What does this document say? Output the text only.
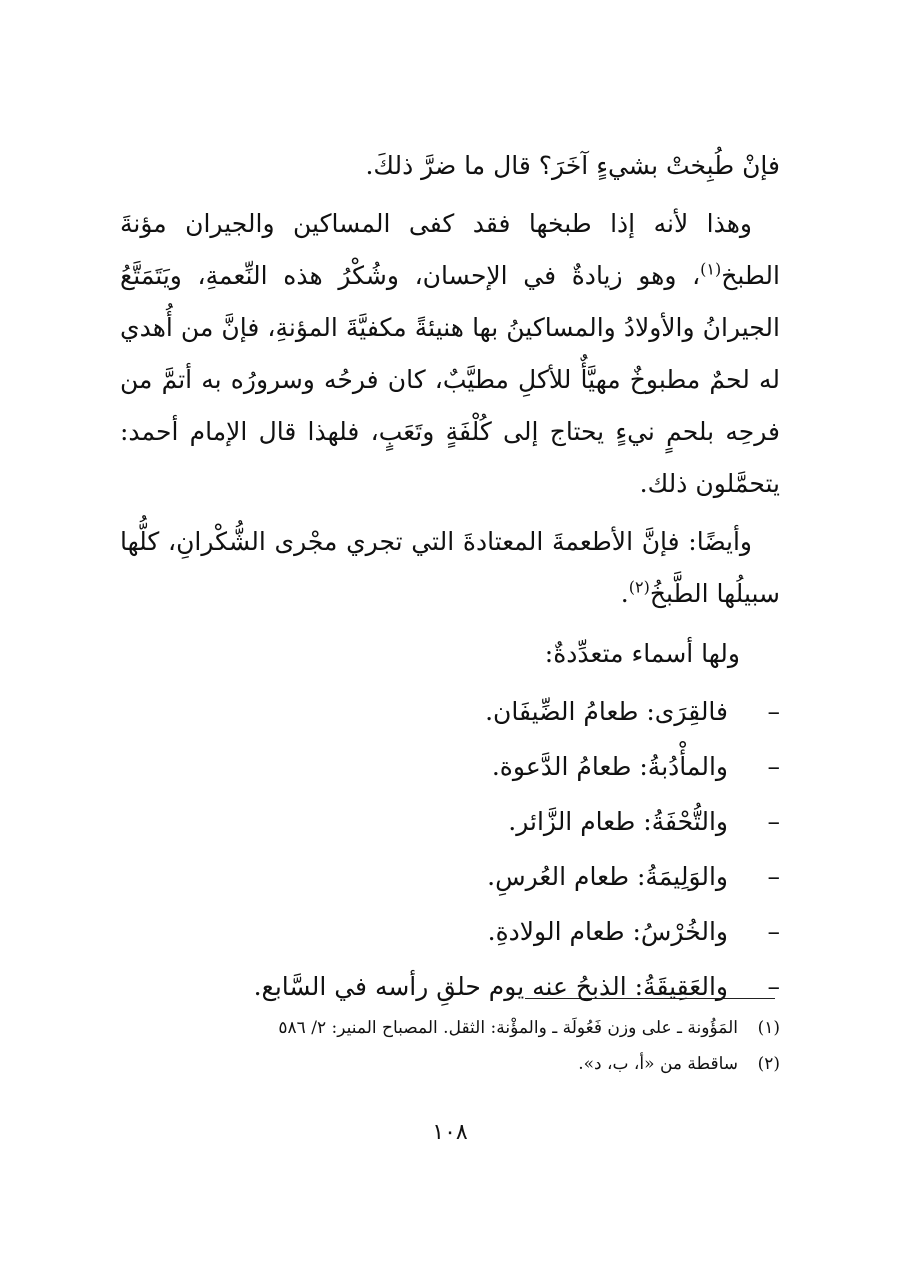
فإنْ طُبِختْ بشيءٍ آخَرَ؟ قال ما ضرَّ ذلكَ.

وهذا لأنه إذا طبخها فقد كفى المساكين والجيران مؤنةَ الطبخ$^{(١)}$، وهو زيادةٌ في الإحسان، وشُكْرُ هذه النِّعمةِ، ويَتَمَتَّعُ الجيرانُ والأولادُ والمساكينُ بها هنيئةً مكفيَّةَ المؤنةِ، فإنَّ من أُهدي له لحمٌ مطبوخٌ مهيَّأٌ للأكلِ مطيَّبٌ، كان فرحُه وسرورُه به أتمَّ من فرحِه بلحمٍ نيءٍ يحتاج إلى كُلْفَةٍ وتَعَبٍ، فلهذا قال الإمام أحمد: يتحمَّلون ذلك.

وأيضًا: فإنَّ الأطعمةَ المعتادةَ التي تجري مجْرى الشُّكْرانِ، كلُّها سبيلُها الطَّبخُ$^{(٢)}$.

ولها أسماء متعدِّدةٌ:
–
فالقِرَى: طعامُ الضِّيفَان.
–
والمأْدُبةُ: طعامُ الدَّعوة.
–
والتُّحْفَةُ: طعام الزَّائر.
–
والوَلِيمَةُ: طعام العُرسِ.
–
والخُرْسُ: طعام الولادةِ.
–
والعَقِيقَةُ: الذبحُ عنه يوم حلقِ رأسه في السَّابع.
(١)المَؤُونة ـ على وزن فَعُولَة ـ والمؤْنة: الثقل. المصباح المنير: ٢/ ٥٨٦
(٢)ساقطة من «أ، ب، د».
١٠٨
